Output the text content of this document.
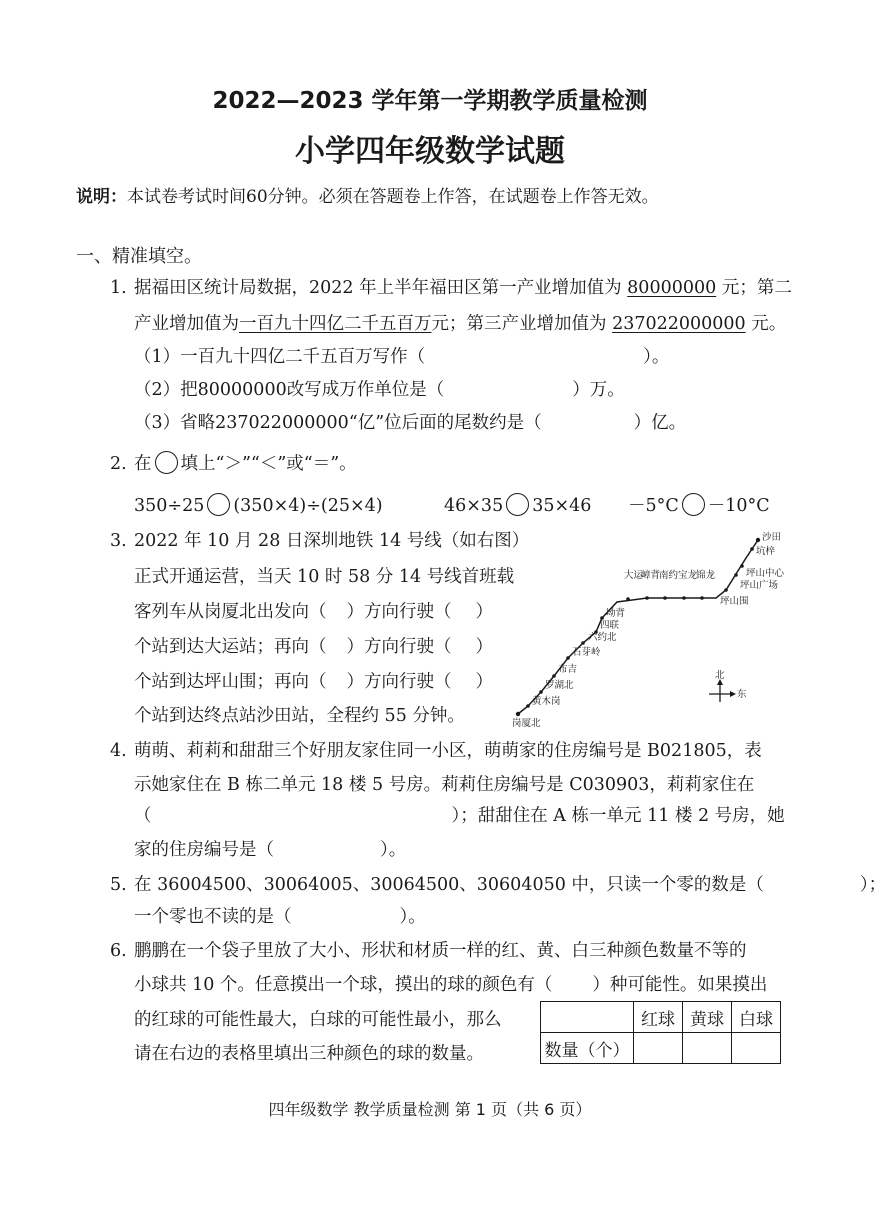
2022—2023 学年第一学期教学质量检测
小学四年级数学试题
说明：本试卷考试时间60分钟。必须在答题卷上作答，在试题卷上作答无效。
一、精准填空。
1. 据福田区统计局数据，2022 年上半年福田区第一产业增加值为 80000000 元；第二
产业增加值为一百九十四亿二千五百万元；第三产业增加值为 237022000000 元。
（1）一百九十四亿二千五百万写作（	）。
（2）把80000000改写成万作单位是（	）万。
（3）省略237022000000“亿”位后面的尾数约是（	）亿。
2. 在 填上“＞”“＜”或“＝”。
350÷25 (350×4)÷(25×4)	46×35 35×46 －5°C －10°C
3. 2022 年 10 月 28 日深圳地铁 14 号线（如右图）
正式开通运营，当天 10 时 58 分 14 号线首班载
客列车从岗厦北出发向（ ）方向行驶（ ）
个站到达大运站；再向（ ）方向行驶（ ）
个站到达坪山围；再向（ ）方向行驶（ ）
个站到达终点站沙田站，全程约 55 分钟。	岗厦北
黄木岗
罗湖北
布吉
石芽岭
六约北
四联
坳背
大运
嶂背
南约 宝龙
锦龙
坪山围
坪山广场
坪山中心
坑梓
沙田
北
东
4. 萌萌、莉莉和甜甜三个好朋友家住同一小区，萌萌家的住房编号是 B021805，表
示她家住在 B 栋二单元 18 楼 5 号房。莉莉住房编号是 C030903，莉莉家住在
（	）；甜甜住在 A 栋一单元 11 楼 2 号房，她
家的住房编号是（	）。
5. 在 36004500、30064005、30064500、30604050 中，只读一个零的数是（	）；
一个零也不读的是（	）。
6. 鹏鹏在一个袋子里放了大小、形状和材质一样的红、黄、白三种颜色数量不等的
小球共 10 个。任意摸出一个球，摸出的球的颜色有（ ）种可能性。如果摸出
的红球的可能性最大，白球的可能性最小，那么
请在右边的表格里填出三种颜色的球的数量。
	红球	黄球	白球
数量（个）			
四年级数学 教学质量检测 第 1 页（共 6 页）
